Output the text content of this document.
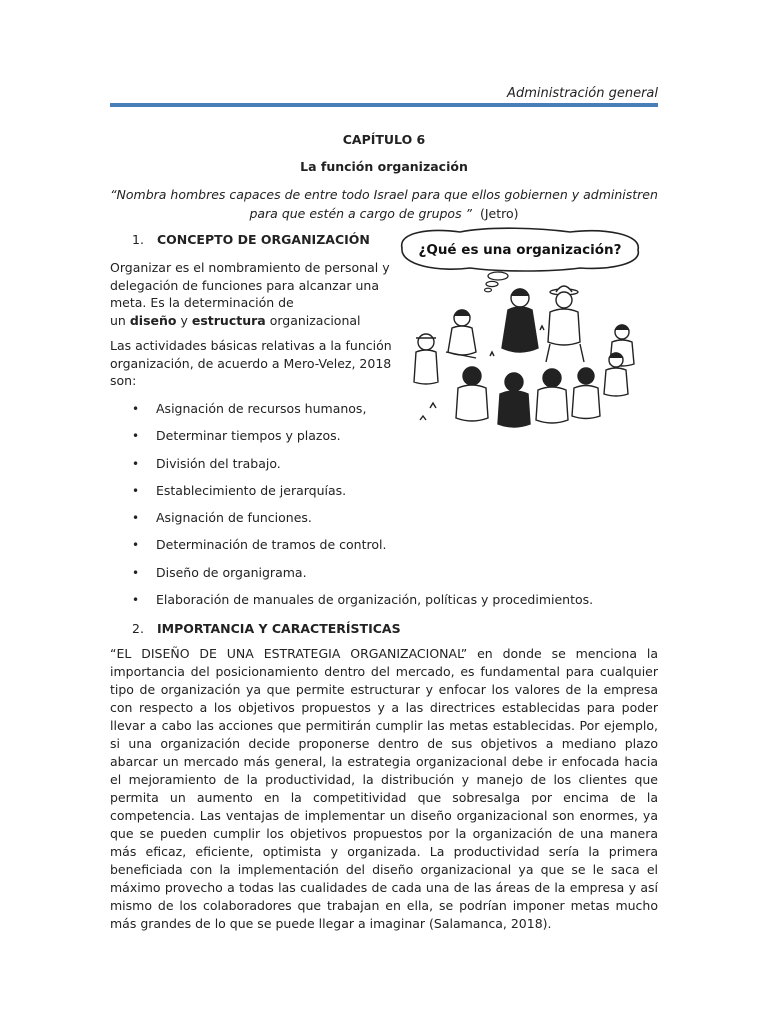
Administración general
CAPÍTULO 6
La función organización
“Nombra hombres capaces de entre todo Israel para que ellos gobiernen y administren para que estén a cargo de grupos ” (Jetro)
1. CONCEPTO DE ORGANIZACIÓN
Organizar es el nombramiento de personal y
delegación de funciones para alcanzar una
meta. Es la determinación de
un diseño y estructura organizacional
Las actividades básicas relativas a la función
organización, de acuerdo a Mero-Velez, 2018
son:
•	Asignación de recursos humanos,
•	Determinar tiempos y plazos.
•	División del trabajo.
•	Establecimiento de jerarquías.
•	Asignación de funciones.
•	Determinación de tramos de control.
•	Diseño de organigrama.
•	Elaboración de manuales de organización, políticas y procedimientos.
2. IMPORTANCIA Y CARACTERÍSTICAS
“EL DISEÑO DE UNA ESTRATEGIA ORGANIZACIONAL” en donde se menciona la importancia del posicionamiento dentro del mercado, es fundamental para cualquier tipo de organización ya que permite estructurar y enfocar los valores de la empresa con respecto a los objetivos propuestos y a las directrices establecidas para poder llevar a cabo las acciones que permitirán cumplir las metas establecidas. Por ejemplo, si una organización decide proponerse dentro de sus objetivos a mediano plazo abarcar un mercado más general, la estrategia organizacional debe ir enfocada hacia el mejoramiento de la productividad, la distribución y manejo de los clientes que permita un aumento en la competitividad que sobresalga por encima de la competencia. Las ventajas de implementar un diseño organizacional son enormes, ya que se pueden cumplir los objetivos propuestos por la organización de una manera más eficaz, eficiente, optimista y organizada. La productividad sería la primera beneficiada con la implementación del diseño organizacional ya que se le saca el máximo provecho a todas las cualidades de cada una de las áreas de la empresa y así mismo de los colaboradores que trabajan en ella, se podrían imponer metas mucho más grandes de lo que se puede llegar a imaginar (Salamanca, 2018).
¿Qué es una organización?
